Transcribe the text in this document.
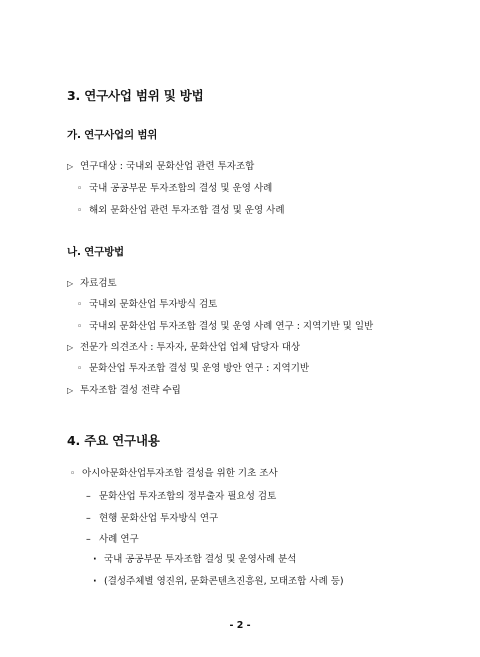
3. 연구사업 범위 및 방법
가. 연구사업의 범위
▷ 연구대상 : 국내외 문화산업 관련 투자조합
◦ 국내 공공부문 투자조합의 결성 및 운영 사례
◦ 해외 문화산업 관련 투자조합 결성 및 운영 사례
나. 연구방법
▷ 자료검토
◦ 국내외 문화산업 투자방식 검토
◦ 국내외 문화산업 투자조합 결성 및 운영 사례 연구 : 지역기반 및 일반
▷ 전문가 의견조사 : 투자자, 문화산업 업체 담당자 대상
◦ 문화산업 투자조합 결성 및 운영 방안 연구 : 지역기반
▷ 투자조합 결성 전략 수립
4. 주요 연구내용
◦ 아시아문화산업투자조합 결성을 위한 기초 조사
– 문화산업 투자조합의 정부출자 필요성 검토
– 현행 문화산업 투자방식 연구
– 사례 연구
· 국내 공공부문 투자조합 결성 및 운영사례 분석
· (결성주체별 영진위, 문화콘텐츠진흥원, 모태조합 사례 등)
- 2 -
